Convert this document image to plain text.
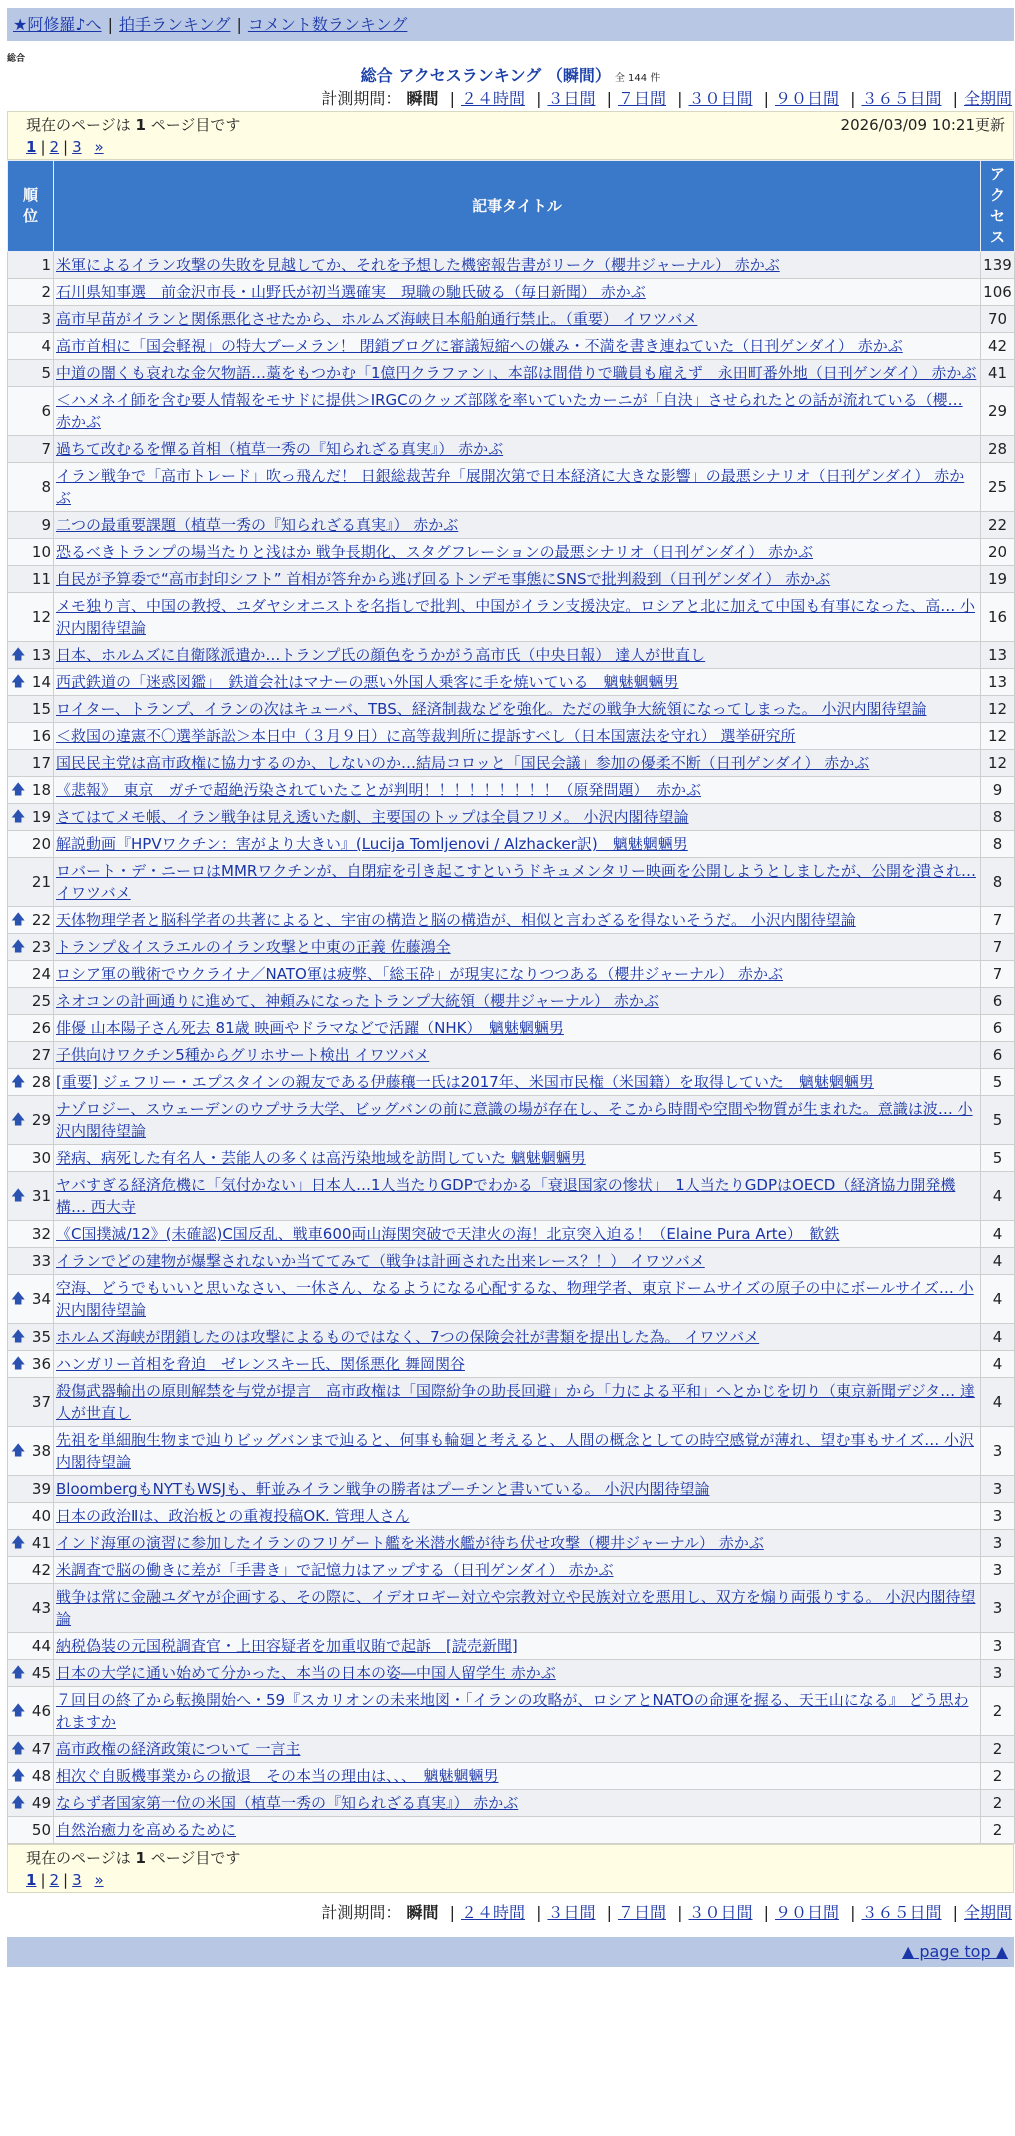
★阿修羅♪へ | 拍手ランキング | コメント数ランキング
総合
総合 アクセスランキング （瞬間） 全 144 件
計測期間： 瞬間 | ２４時間 | ３日間 | ７日間 | ３０日間 | ９０日間 | ３６５日間 | 全期間
現在のページは 1 ページ目です	2026/03/09 10:21更新
1 | 2 | 3 »
順位	記事タイトル	アクセス
1	米軍によるイラン攻撃の失敗を見越してか、それを予想した機密報告書がリーク（櫻井ジャーナル） 赤かぶ	139
2	石川県知事選　前金沢市長・山野氏が初当選確実　現職の馳氏破る（毎日新聞） 赤かぶ	106
3	高市早苗がイランと関係悪化させたから、ホルムズ海峡日本船舶通行禁止。（重要） イワツバメ	70
4	高市首相に「国会軽視」の特大ブーメラン！ 閉鎖ブログに審議短縮への嫌み・不満を書き連ねていた（日刊ゲンダイ） 赤かぶ	42
5	中道の闇くも哀れな金欠物語…藁をもつかむ「1億円クラファン」、本部は間借りで職員も雇えず　永田町番外地（日刊ゲンダイ） 赤かぶ	41
6	＜ハメネイ師を含む要人情報をモサドに提供＞IRGCのクッズ部隊を率いていたカーニが「自決」させられたとの話が流れている（櫻… 赤かぶ	29
7	過ちて改むるを憚る首相（植草一秀の『知られざる真実』） 赤かぶ	28
8	イラン戦争で「高市トレード」吹っ飛んだ！ 日銀総裁苦弁「展開次第で日本経済に大きな影響」の最悪シナリオ（日刊ゲンダイ） 赤かぶ	25
9	二つの最重要課題（植草一秀の『知られざる真実』） 赤かぶ	22
10	恐るべきトランプの場当たりと浅はか 戦争長期化、スタグフレーションの最悪シナリオ（日刊ゲンダイ） 赤かぶ	20
11	自民が予算委で“高市封印シフト” 首相が答弁から逃げ回るトンデモ事態にSNSで批判殺到（日刊ゲンダイ） 赤かぶ	19
12	メモ独り言、中国の教授、ユダヤシオニストを名指しで批判、中国がイラン支援決定。ロシアと北に加えて中国も有事になった、高… 小沢内閣待望論	16

🡅 13	日本、ホルムズに自衛隊派遣か…トランプ氏の顔色をうかがう高市氏（中央日報） 達人が世直し	13

🡅 14	西武鉄道の「迷惑図鑑」　鉄道会社はマナーの悪い外国人乗客に手を焼いている　魑魅魍魎男	13
15	ロイター、トランプ、イランの次はキューバ、TBS、経済制裁などを強化。ただの戦争大統領になってしまった。 小沢内閣待望論	12
16	＜救国の違憲不〇選挙訴訟＞本日中（３月９日）に高等裁判所に提訴すべし（日本国憲法を守れ） 選挙研究所	12
17	国民民主党は高市政権に協力するのか、しないのか…結局コロッと「国民会議」参加の優柔不断（日刊ゲンダイ） 赤かぶ	12

🡅 18	《悲報》　東京　ガチで超絶汚染されていたことが判明！！！！！！！！！（原発問題）　赤かぶ	9

🡅 19	さてはてメモ帳、イラン戦争は見え透いた劇、主要国のトップは全員フリメ。 小沢内閣待望論	8
20	解説動画『HPVワクチン：害がより大きい』(Lucija Tomljenovi / Alzhacker訳)　魑魅魍魎男	8
21	ロバート・デ・ニーロはMMRワクチンが、自閉症を引き起こすというドキュメンタリー映画を公開しようとしましたが、公開を潰され… イワツバメ	8

🡅 22	天体物理学者と脳科学者の共著によると、宇宙の構造と脳の構造が、相似と言わざるを得ないそうだ。 小沢内閣待望論	7

🡅 23	トランプ＆イスラエルのイラン攻撃と中東の正義 佐藤鴻全	7
24	ロシア軍の戦術でウクライナ／NATO軍は疲弊、「総玉砕」が現実になりつつある（櫻井ジャーナル） 赤かぶ	7
25	ネオコンの計画通りに進めて、神頼みになったトランプ大統領（櫻井ジャーナル） 赤かぶ	6
26	俳優 山本陽子さん死去 81歳 映画やドラマなどで活躍（NHK）　魑魅魍魎男	6
27	子供向けワクチン5種からグリホサート検出 イワツバメ	6

🡅 28	[重要] ジェフリー・エプスタインの親友である伊藤穰一氏は2017年、米国市民権（米国籍）を取得していた　魑魅魍魎男	5

🡅 29	ナゾロジー、スウェーデンのウプサラ大学、ビッグバンの前に意識の場が存在し、そこから時間や空間や物質が生まれた。意識は波… 小沢内閣待望論	5
30	発病、病死した有名人・芸能人の多くは高汚染地域を訪問していた 魑魅魍魎男	5

🡅 31	ヤバすぎる経済危機に「気付かない」日本人…1人当たりGDPでわかる「衰退国家の惨状」　1人当たりGDPはOECD（経済協力開発機構… 西大寺	4
32	《C国撲滅/12》(未確認)C国反乱、戦車600両山海関突破で天津火の海！北京突入迫る！（Elaine Pura Arte）　歓鉄	4
33	イランでどの建物が爆撃されないか当ててみて（戦争は計画された出来レース？！） イワツバメ	4

🡅 34	空海、どうでもいいと思いなさい、一休さん、なるようになる心配するな、物理学者、東京ドームサイズの原子の中にボールサイズ… 小沢内閣待望論	4

🡅 35	ホルムズ海峡が閉鎖したのは攻撃によるものではなく、7つの保険会社が書類を提出した為。 イワツバメ	4

🡅 36	ハンガリー首相を脅迫　ゼレンスキー氏、関係悪化 舞岡関谷	4
37	殺傷武器輸出の原則解禁を与党が提言　高市政権は「国際紛争の助長回避」から「力による平和」へとかじを切り（東京新聞デジタ… 達人が世直し	4

🡅 38	先祖を単細胞生物まで辿りビッグバンまで辿ると、何事も輪廻と考えると、人間の概念としての時空感覚が薄れ、望む事もサイズ… 小沢内閣待望論	3
39	BloombergもNYTもWSJも、軒並みイラン戦争の勝者はプーチンと書いている。 小沢内閣待望論	3
40	日本の政治Ⅱは、政治板との重複投稿OK. 管理人さん	3

🡅 41	インド海軍の演習に参加したイランのフリゲート艦を米潜水艦が待ち伏せ攻撃（櫻井ジャーナル） 赤かぶ	3
42	米調査で脳の働きに差が「手書き」で記憶力はアップする（日刊ゲンダイ） 赤かぶ	3
43	戦争は常に金融ユダヤが企画する、その際に、イデオロギー対立や宗教対立や民族対立を悪用し、双方を煽り両張りする。 小沢内閣待望論	3
44	納税偽装の元国税調査官・上田容疑者を加重収賄で起訴　[読売新聞]	3

🡅 45	日本の大学に通い始めて分かった、本当の日本の姿―中国人留学生 赤かぶ	3

🡅 46	７回目の終了から転換開始へ・59『スカリオンの未来地図・「イランの攻略が、ロシアとNATOの命運を握る、天王山になる』 どう思われますか	2

🡅 47	高市政権の経済政策について 一言主	2

🡅 48	相次ぐ自販機事業からの撤退　その本当の理由は、、、　魑魅魍魎男	2

🡅 49	ならず者国家第一位の米国（植草一秀の『知られざる真実』） 赤かぶ	2
50	自然治癒力を高めるために	2
現在のページは 1 ページ目です
1 | 2 | 3 »
計測期間： 瞬間 | ２４時間 | ３日間 | ７日間 | ３０日間 | ９０日間 | ３６５日間 | 全期間
▲ page top ▲
